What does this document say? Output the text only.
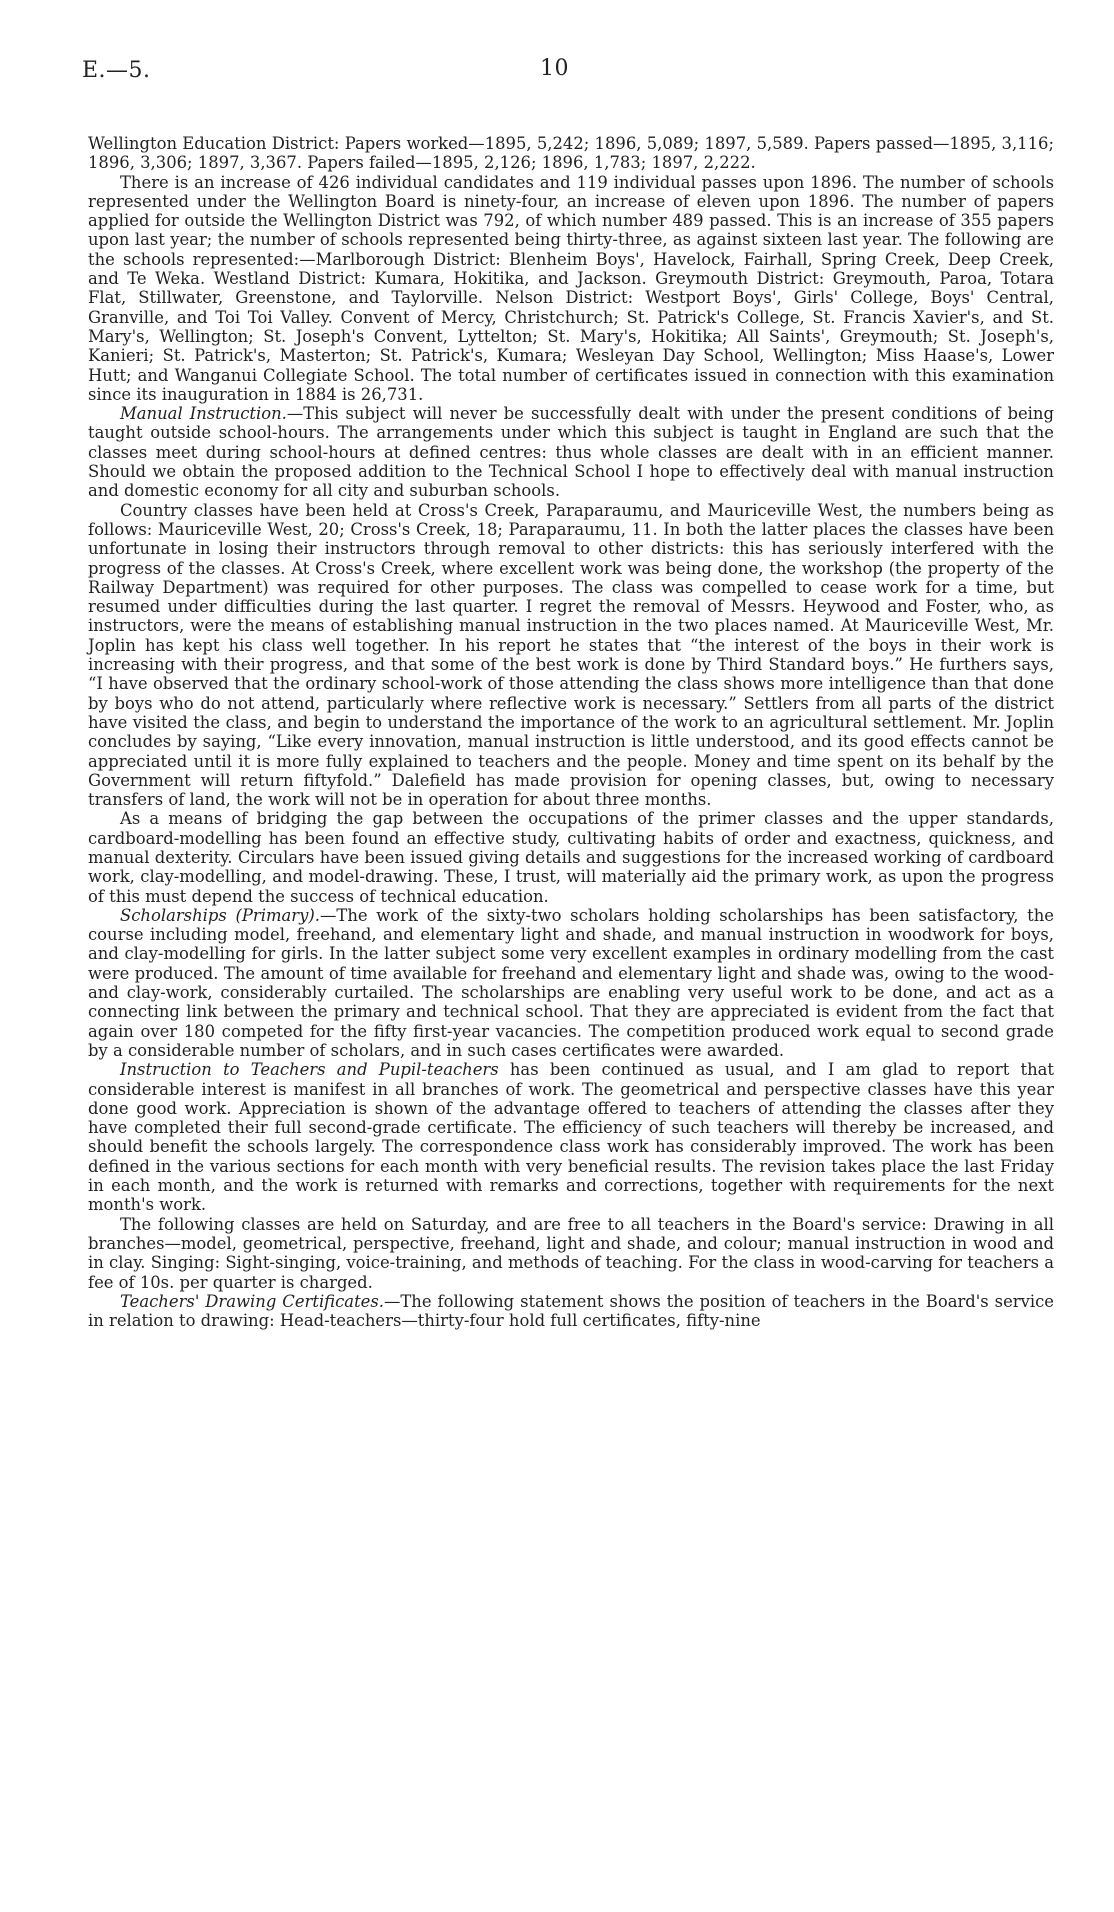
E.—5.	10

Wellington Education District: Papers worked—1895, 5,242; 1896, 5,089; 1897, 5,589. Papers passed—1895, 3,116; 1896, 3,306; 1897, 3,367. Papers failed—1895, 2,126; 1896, 1,783; 1897, 2,222.

There is an increase of 426 individual candidates and 119 individual passes upon 1896. The number of schools represented under the Wellington Board is ninety-four, an increase of eleven upon 1896. The number of papers applied for outside the Wellington District was 792, of which number 489 passed. This is an increase of 355 papers upon last year; the number of schools represented being thirty-three, as against sixteen last year. The following are the schools represented:—Marlborough District: Blenheim Boys', Havelock, Fairhall, Spring Creek, Deep Creek, and Te Weka. Westland District: Kumara, Hokitika, and Jackson. Greymouth District: Greymouth, Paroa, Totara Flat, Stillwater, Greenstone, and Taylorville. Nelson District: Westport Boys', Girls' College, Boys' Central, Granville, and Toi Toi Valley. Convent of Mercy, Christchurch; St. Patrick's College, St. Francis Xavier's, and St. Mary's, Wellington; St. Joseph's Convent, Lyttelton; St. Mary's, Hokitika; All Saints', Greymouth; St. Joseph's, Kanieri; St. Patrick's, Masterton; St. Patrick's, Kumara; Wesleyan Day School, Wellington; Miss Haase's, Lower Hutt; and Wanganui Collegiate School. The total number of certificates issued in connection with this examination since its inauguration in 1884 is 26,731.

Manual Instruction.—This subject will never be successfully dealt with under the present conditions of being taught outside school-hours. The arrangements under which this subject is taught in England are such that the classes meet during school-hours at defined centres: thus whole classes are dealt with in an efficient manner. Should we obtain the proposed addition to the Technical School I hope to effectively deal with manual instruction and domestic economy for all city and suburban schools.

Country classes have been held at Cross's Creek, Paraparaumu, and Mauriceville West, the numbers being as follows: Mauriceville West, 20; Cross's Creek, 18; Paraparaumu, 11. In both the latter places the classes have been unfortunate in losing their instructors through removal to other districts: this has seriously interfered with the progress of the classes. At Cross's Creek, where excellent work was being done, the workshop (the property of the Railway Department) was required for other purposes. The class was compelled to cease work for a time, but resumed under difficulties during the last quarter. I regret the removal of Messrs. Heywood and Foster, who, as instructors, were the means of establishing manual instruction in the two places named. At Mauriceville West, Mr. Joplin has kept his class well together. In his report he states that “the interest of the boys in their work is increasing with their progress, and that some of the best work is done by Third Standard boys.” He furthers says, “I have observed that the ordinary school-work of those attending the class shows more intelligence than that done by boys who do not attend, particularly where reflective work is necessary.” Settlers from all parts of the district have visited the class, and begin to understand the importance of the work to an agricultural settlement. Mr. Joplin concludes by saying, “Like every innovation, manual instruction is little understood, and its good effects cannot be appreciated until it is more fully explained to teachers and the people. Money and time spent on its behalf by the Government will return fiftyfold.” Dalefield has made provision for opening classes, but, owing to necessary transfers of land, the work will not be in operation for about three months.

As a means of bridging the gap between the occupations of the primer classes and the upper standards, cardboard-modelling has been found an effective study, cultivating habits of order and exactness, quickness, and manual dexterity. Circulars have been issued giving details and suggestions for the increased working of cardboard work, clay-modelling, and model-drawing. These, I trust, will materially aid the primary work, as upon the progress of this must depend the success of technical education.

Scholarships (Primary).—The work of the sixty-two scholars holding scholarships has been satisfactory, the course including model, freehand, and elementary light and shade, and manual instruction in woodwork for boys, and clay-modelling for girls. In the latter subject some very excellent examples in ordinary modelling from the cast were produced. The amount of time available for freehand and elementary light and shade was, owing to the wood- and clay-work, considerably curtailed. The scholarships are enabling very useful work to be done, and act as a connecting link between the primary and technical school. That they are appreciated is evident from the fact that again over 180 competed for the fifty first-year vacancies. The competition produced work equal to second grade by a considerable number of scholars, and in such cases certificates were awarded.

Instruction to Teachers and Pupil-teachers has been continued as usual, and I am glad to report that considerable interest is manifest in all branches of work. The geometrical and perspective classes have this year done good work. Appreciation is shown of the advantage offered to teachers of attending the classes after they have completed their full second-grade certificate. The efficiency of such teachers will thereby be increased, and should benefit the schools largely. The correspondence class work has considerably improved. The work has been defined in the various sections for each month with very beneficial results. The revision takes place the last Friday in each month, and the work is returned with remarks and corrections, together with requirements for the next month's work.

The following classes are held on Saturday, and are free to all teachers in the Board's service: Drawing in all branches—model, geometrical, perspective, freehand, light and shade, and colour; manual instruction in wood and in clay. Singing: Sight-singing, voice-training, and methods of teaching. For the class in wood-carving for teachers a fee of 10s. per quarter is charged.

Teachers' Drawing Certificates.—The following statement shows the position of teachers in the Board's service in relation to drawing: Head-teachers—thirty-four hold full certificates, fifty-nine
